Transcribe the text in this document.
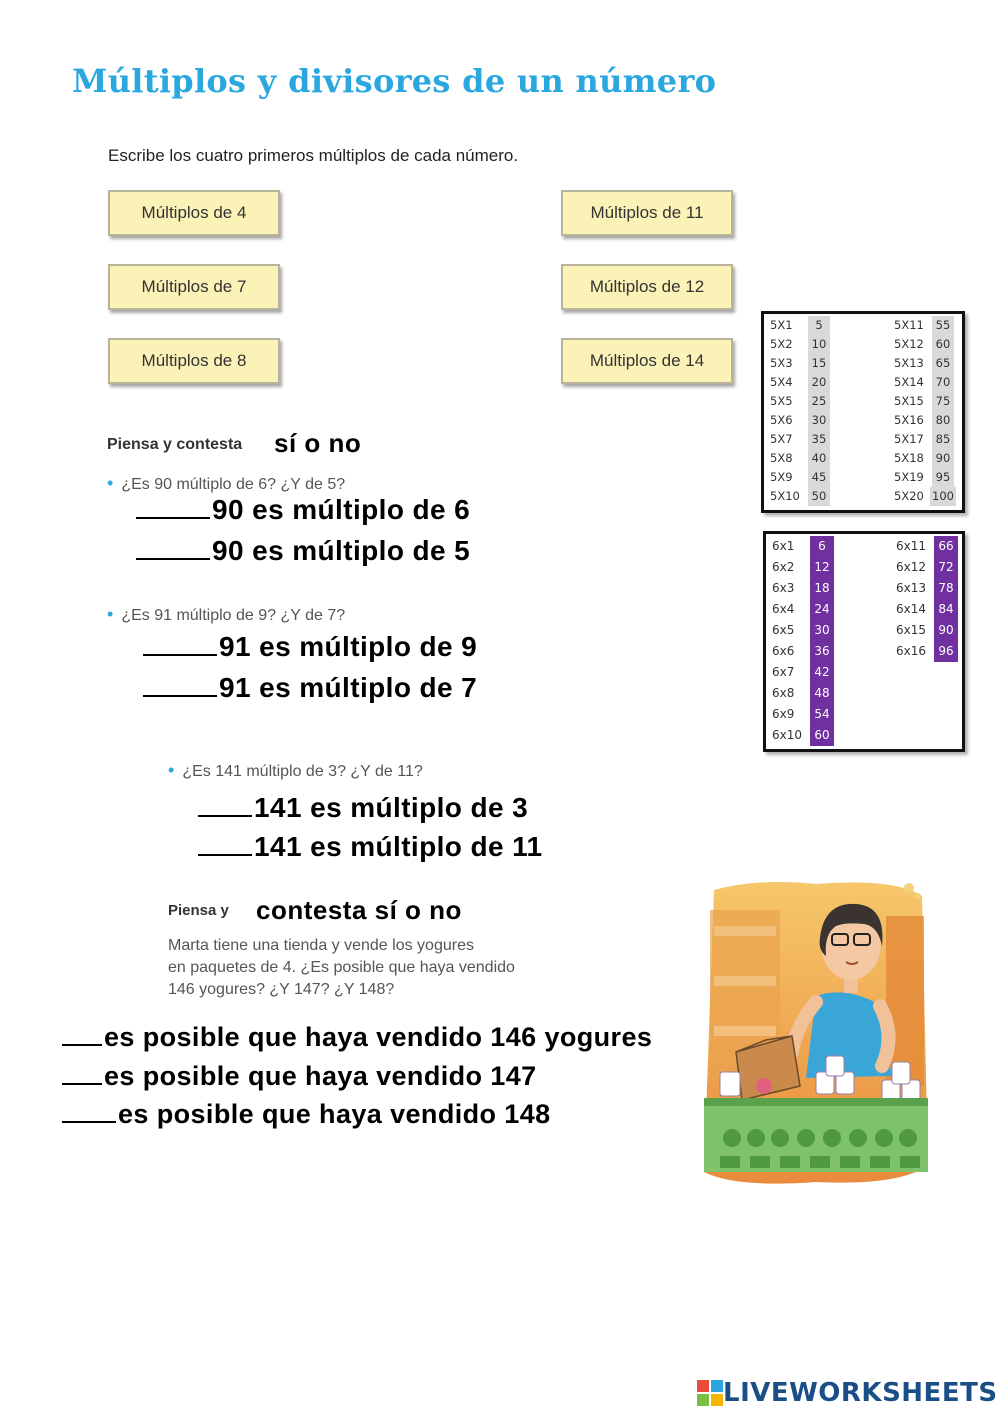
Múltiplos y divisores de un número
Escribe los cuatro primeros múltiplos de cada número.
Múltiplos de 4
Múltiplos de 7
Múltiplos de 8
Múltiplos de 11
Múltiplos de 12
Múltiplos de 14
Piensa y contesta sí o no
• ¿Es 90 múltiplo de 6? ¿Y de 5?
90 es múltiplo de 6
90 es múltiplo de 5
• ¿Es 91 múltiplo de 9? ¿Y de 7?
91 es múltiplo de 9
91 es múltiplo de 7
• ¿Es 141 múltiplo de 3? ¿Y de 11?
141 es múltiplo de 3
141 es múltiplo de 11
Piensa y contesta sí o no
Marta tiene una tienda y vende los yogures
en paquetes de 4. ¿Es posible que haya vendido
146 yogures? ¿Y 147? ¿Y 148?
es posible que haya vendido 146 yogures
es posible que haya vendido 147
es posible que haya vendido 148
5X1	5	5X11	55
5X2	10	5X12	60
5X3	15	5X13	65
5X4	20	5X14	70
5X5	25	5X15	75
5X6	30	5X16	80
5X7	35	5X17	85
5X8	40	5X18	90
5X9	45	5X19	95
5X10	50	5X20 100
6x1	6	6x11	66
6x2	12	6x12	72
6x3	18	6x13	78
6x4	24	6x14	84
6x5	30	6x15	90
6x6	36	6x16	96
6x7	42
6x8	48
6x9	54
6x10	60
LIVEWORKSHEETS
